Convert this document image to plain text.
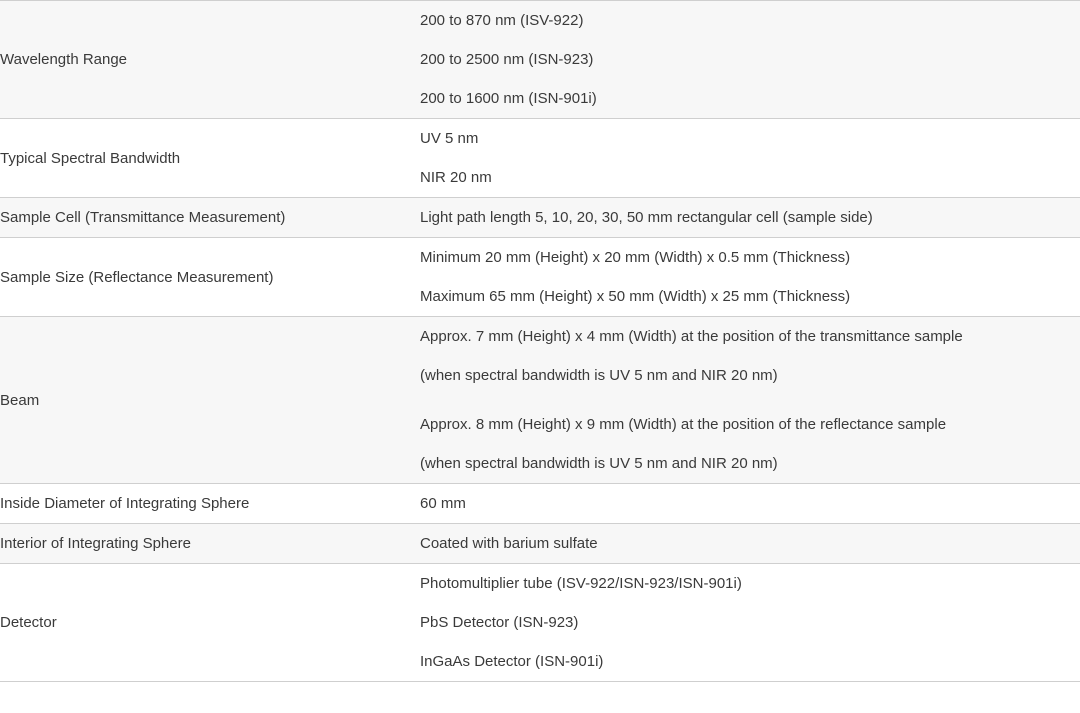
Wavelength Range	200 to 870 nm (ISV-922)
200 to 2500 nm (ISN-923)
200 to 1600 nm (ISN-901i)

Typical Spectral Bandwidth	UV 5 nm
NIR 20 nm

Sample Cell (Transmittance Measurement)	Light path length 5, 10, 20, 30, 50 mm rectangular cell (sample side)

Sample Size (Reflectance Measurement)	Minimum 20 mm (Height) x 20 mm (Width) x 0.5 mm (Thickness)
Maximum 65 mm (Height) x 50 mm (Width) x 25 mm (Thickness)

Beam	Approx. 7 mm (Height) x 4 mm (Width) at the position of the transmittance sample
(when spectral bandwidth is UV 5 nm and NIR 20 nm)
Approx. 8 mm (Height) x 9 mm (Width) at the position of the reflectance sample
(when spectral bandwidth is UV 5 nm and NIR 20 nm)

Inside Diameter of Integrating Sphere	60 mm

Interior of Integrating Sphere	Coated with barium sulfate

Detector	Photomultiplier tube (ISV-922/ISN-923/ISN-901i)
PbS Detector (ISN-923)
InGaAs Detector (ISN-901i)
